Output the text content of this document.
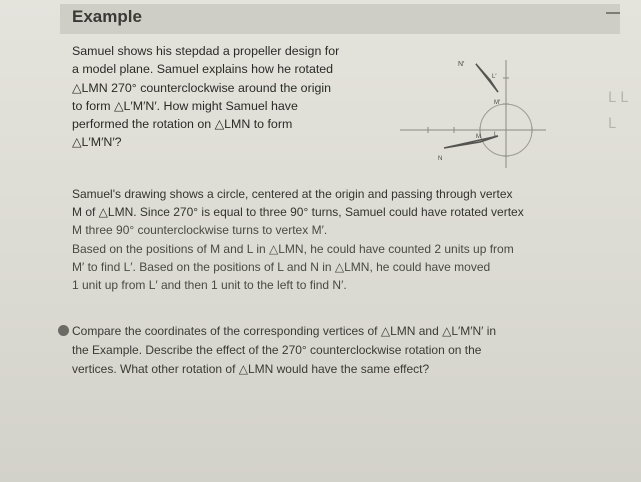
Example
Samuel shows his stepdad a propeller design for
a model plane. Samuel explains how he rotated
△LMN 270° counterclockwise around the origin
to form △L′M′N′. How might Samuel have
performed the rotation on △LMN to form
△L′M′N′?
N′
L′
M′
L
M
N
L L
L
Samuel's drawing shows a circle, centered at the origin and passing through vertex
M of △LMN. Since 270° is equal to three 90° turns, Samuel could have rotated vertex
M three 90° counterclockwise turns to vertex M′.
Based on the positions of M and L in △LMN, he could have counted 2 units up from
M′ to find L′. Based on the positions of L and N in △LMN, he could have moved
1 unit up from L′ and then 1 unit to the left to find N′.
Compare the coordinates of the corresponding vertices of △LMN and △L′M′N′ in
the Example. Describe the effect of the 270° counterclockwise rotation on the
vertices. What other rotation of △LMN would have the same effect?
